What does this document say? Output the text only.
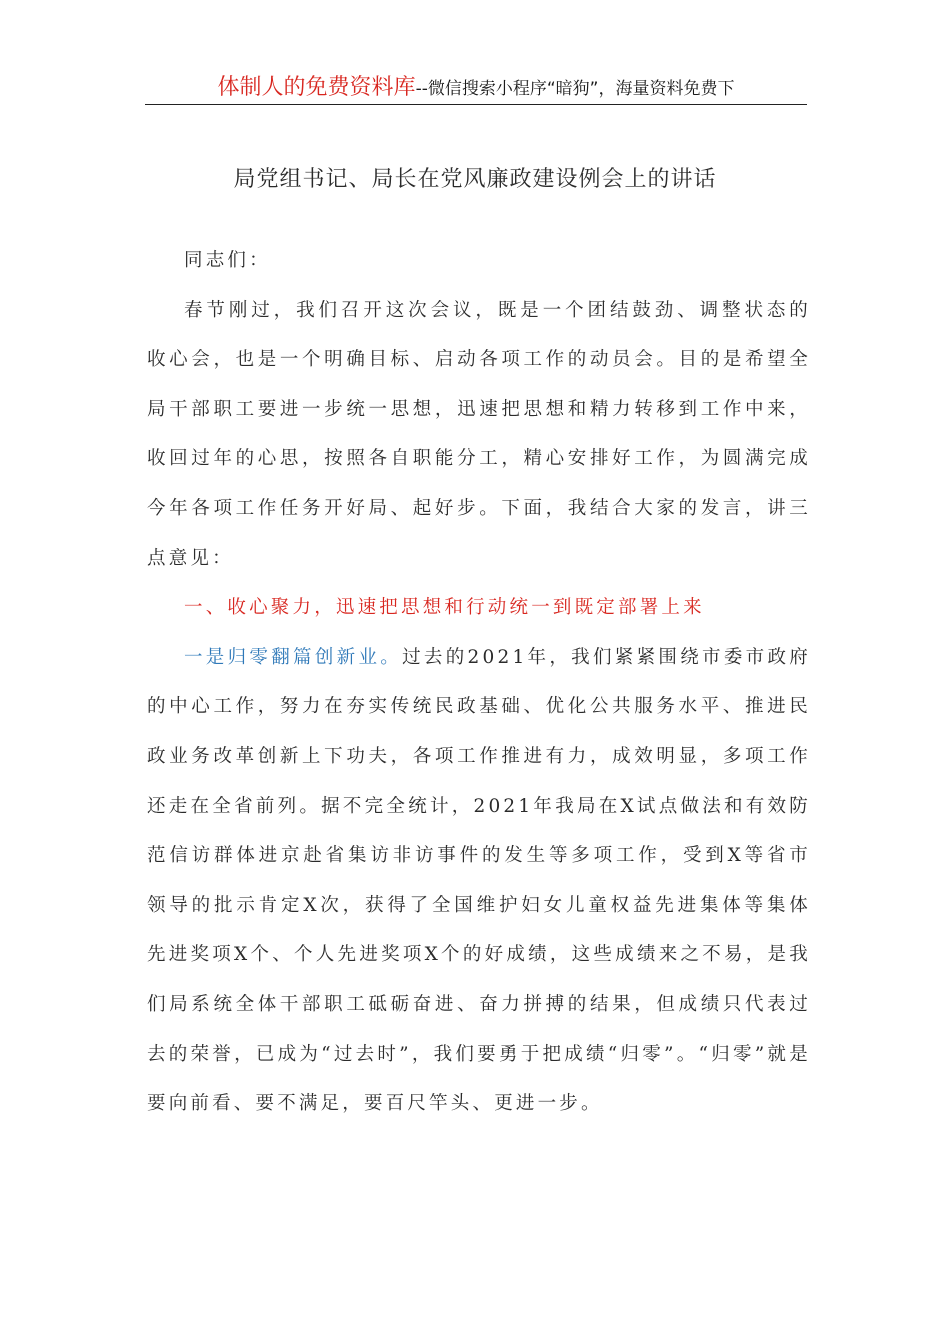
体制人的免费资料库--微信搜索小程序“暗狗”，海量资料免费下
局党组书记、局长在党风廉政建设例会上的讲话

同志们：

春节刚过，我们召开这次会议，既是一个团结鼓劲、调整状态的收心会，也是一个明确目标、启动各项工作的动员会。目的是希望全局干部职工要进一步统一思想，迅速把思想和精力转移到工作中来，收回过年的心思，按照各自职能分工，精心安排好工作，为圆满完成今年各项工作任务开好局、起好步。下面，我结合大家的发言，讲三点意见：

一、收心聚力，迅速把思想和行动统一到既定部署上来

一是归零翻篇创新业。过去的2021年，我们紧紧围绕市委市政府的中心工作，努力在夯实传统民政基础、优化公共服务水平、推进民政业务改革创新上下功夫，各项工作推进有力，成效明显，多项工作还走在全省前列。据不完全统计，2021年我局在X试点做法和有效防范信访群体进京赴省集访非访事件的发生等多项工作，受到X等省市领导的批示肯定X次，获得了全国维护妇女儿童权益先进集体等集体先进奖项X个、个人先进奖项X个的好成绩，这些成绩来之不易，是我们局系统全体干部职工砥砺奋进、奋力拼搏的结果，但成绩只代表过去的荣誉，已成为“过去时”，我们要勇于把成绩“归零”。“归零”就是要向前看、要不满足，要百尺竿头、更进一步。
